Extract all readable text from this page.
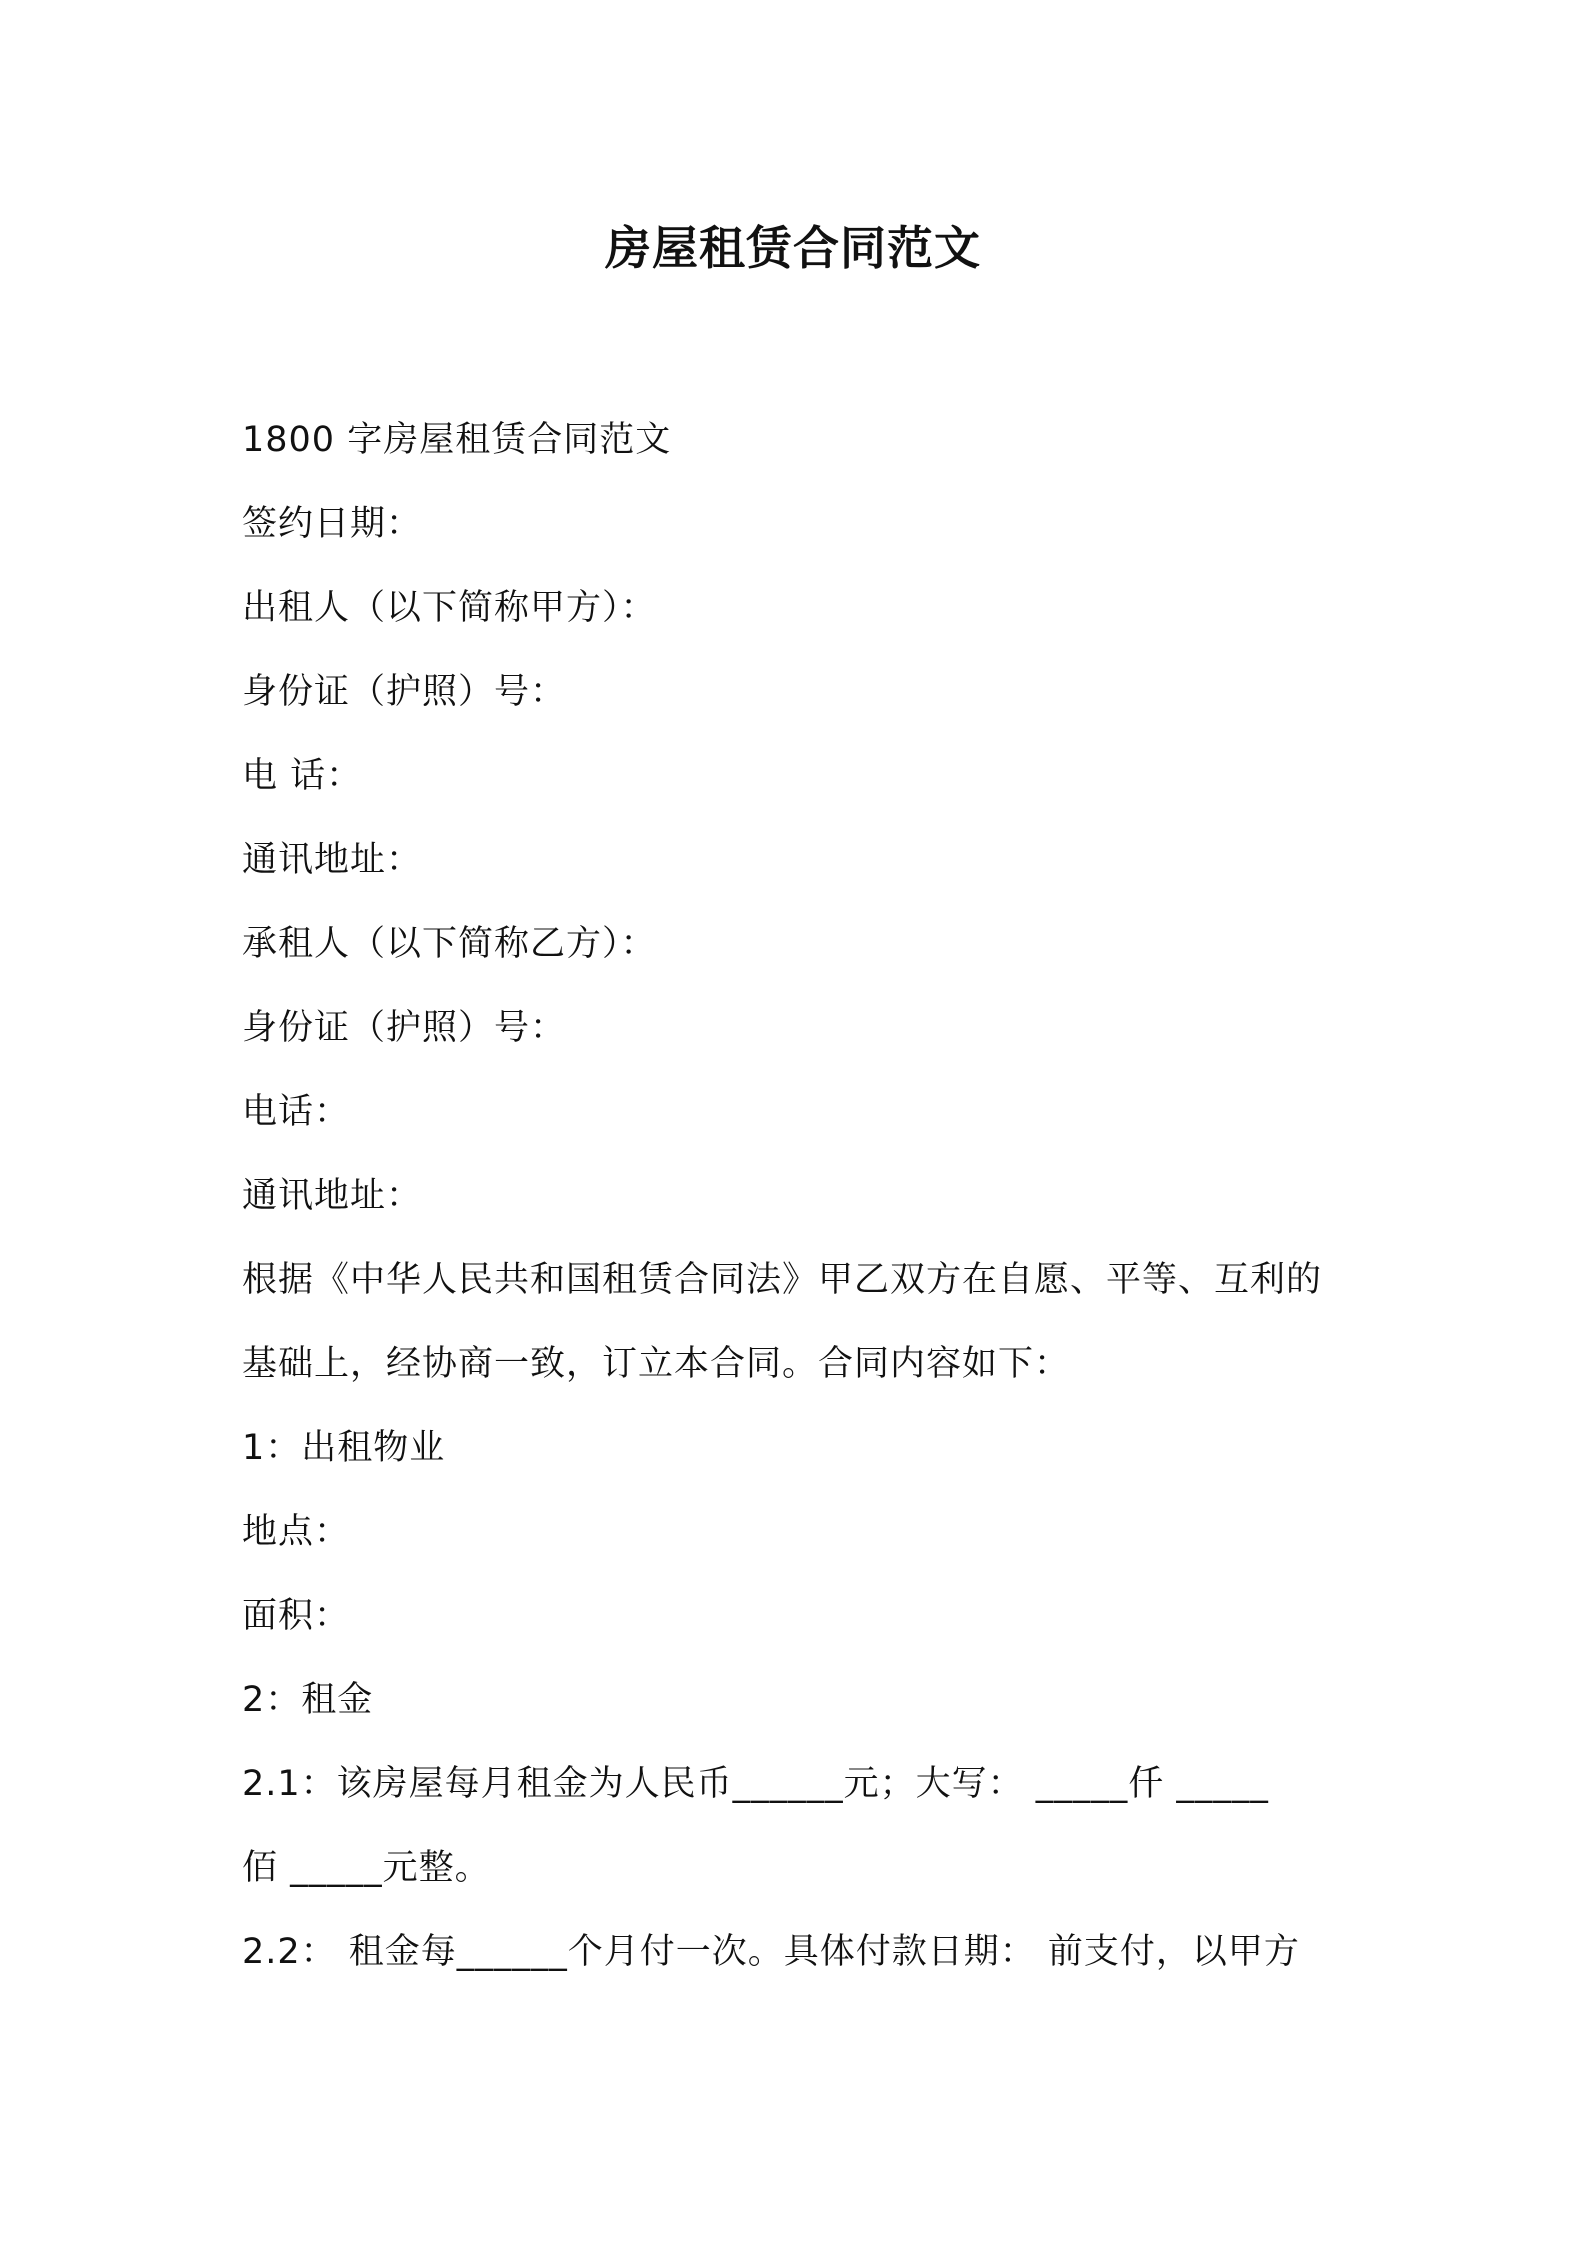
房屋租赁合同范文
1800 字房屋租赁合同范文
签约日期：
出租人（以下简称甲方）：
身份证（护照）号：
电 话：
通讯地址：
承租人（以下简称乙方）：
身份证（护照）号：
电话：
通讯地址：
根据《中华人民共和国租赁合同法》甲乙双方在自愿、平等、互利的
基础上，经协商一致，订立本合同。合同内容如下：
1：出租物业
地点：
面积：
2：租金
2.1：该房屋每月租金为人民币______元；大写： _____仟 _____
佰 _____元整。
2.2： 租金每______个月付一次。具体付款日期： 前支付，以甲方
